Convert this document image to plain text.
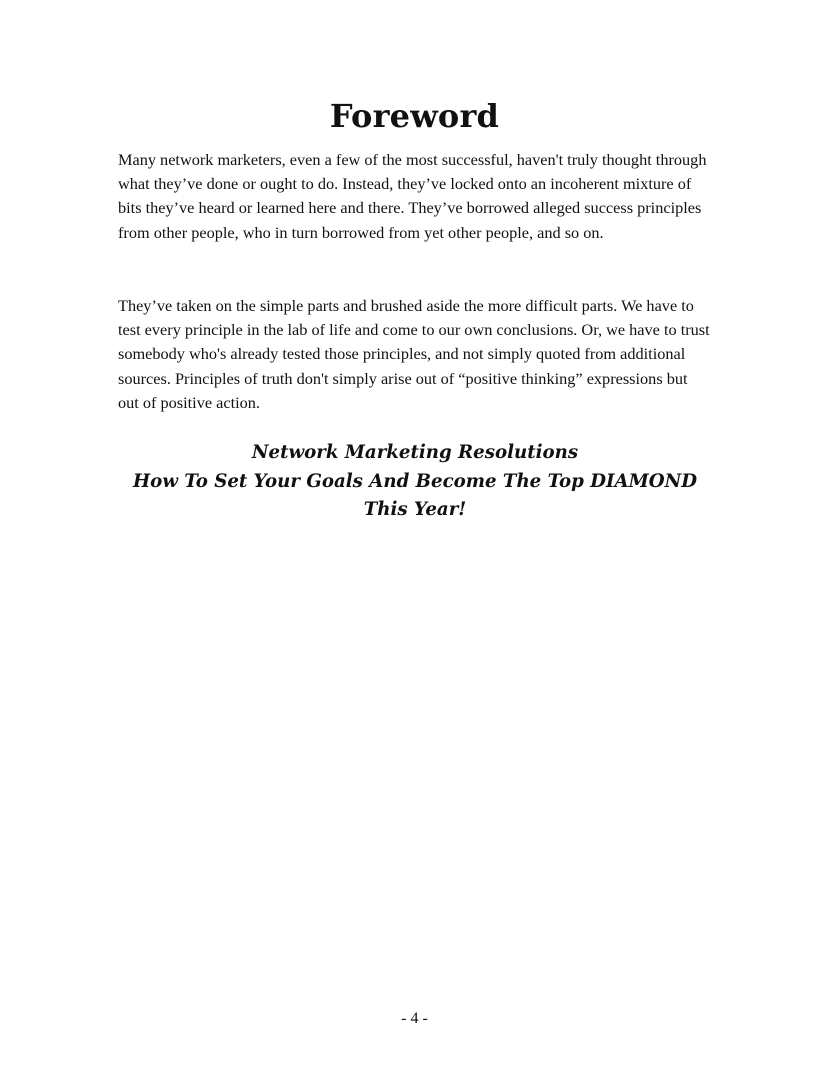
Foreword

Many network marketers, even a few of the most successful, haven't truly thought through what they’ve done or ought to do. Instead, they’ve locked onto an incoherent mixture of bits they’ve heard or learned here and there. They’ve borrowed alleged success principles from other people, who in turn borrowed from yet other people, and so on.

They’ve taken on the simple parts and brushed aside the more difficult parts. We have to test every principle in the lab of life and come to our own conclusions. Or, we have to trust somebody who's already tested those principles, and not simply quoted from additional sources. Principles of truth don't simply arise out of “positive thinking” expressions but out of positive action.

Network Marketing Resolutions
How To Set Your Goals And Become The Top DIAMOND
This Year!
- 4 -
